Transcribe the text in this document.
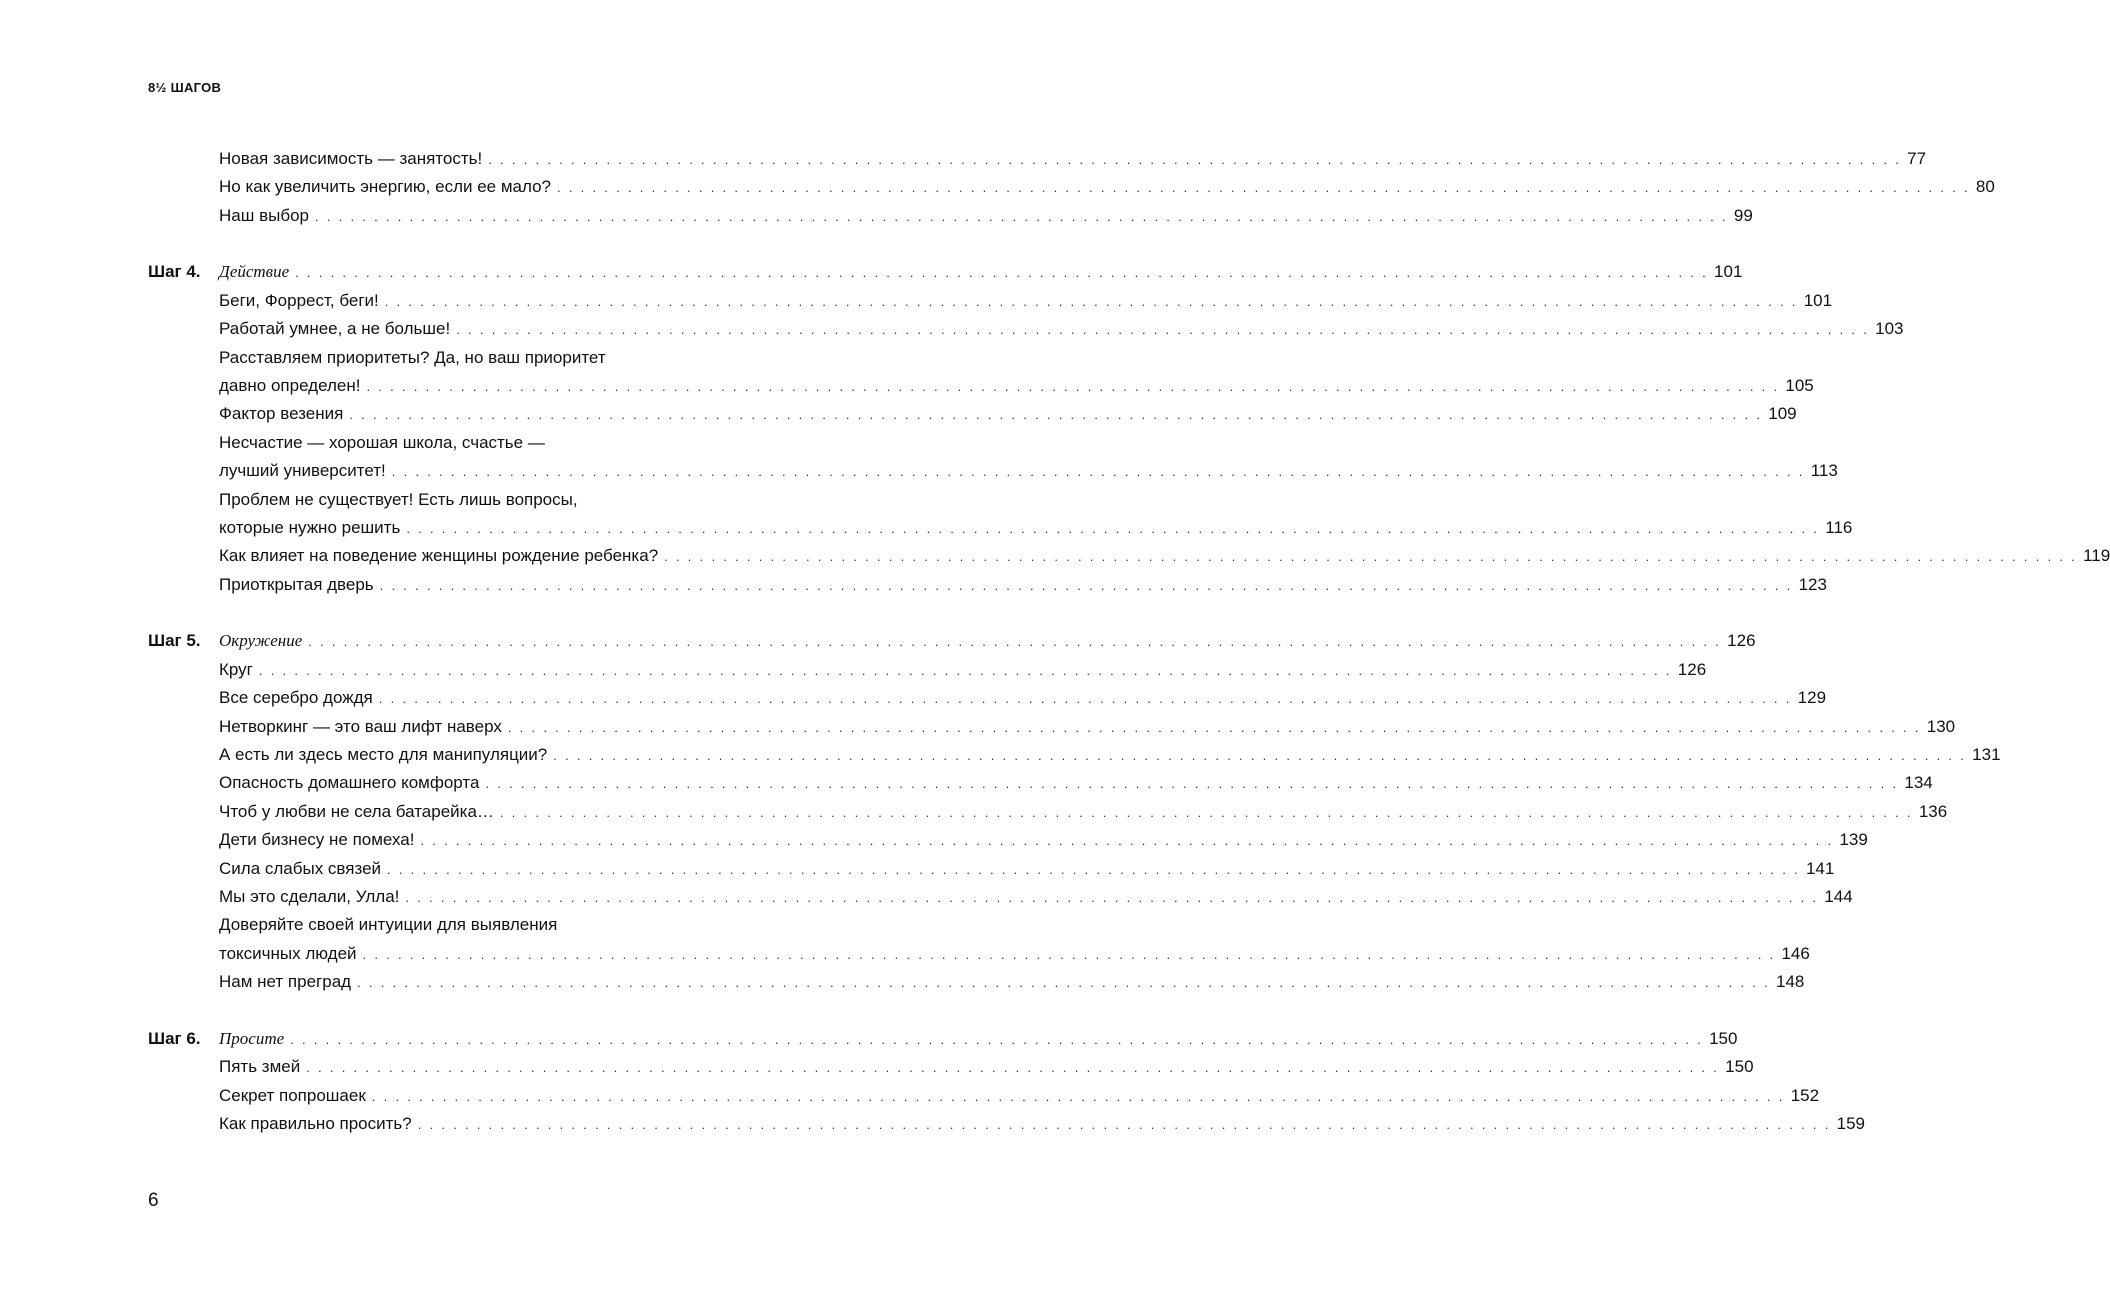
8½ ШАГОВ
Новая зависимость — занятость! . . . . . . . . . . . . . . . . . . . . . . . . . . . . . . . . . . . . . . . . . . . . . . . . . . . . . . . . . . . . . . . . . . . . . . . . . . . . . . . . . . . . . . . . . . . . . . . . . . . . . . . . . . . . . . . . . . . . . . . . 77
Но как увеличить энергию, если ее мало? . . . . . . . . . . . . . . . . . . . . . . . . . . . . . . . . . . . . . . . . . . . . . . . . . . . . . . . . . . . . . . . . . . . . . . . . . . . . . . . . . . . . . . . . . . . . . . . . . . . . . . . . . . . . . . . . . . . . . . . . 80
Наш выбор . . . . . . . . . . . . . . . . . . . . . . . . . . . . . . . . . . . . . . . . . . . . . . . . . . . . . . . . . . . . . . . . . . . . . . . . . . . . . . . . . . . . . . . . . . . . . . . . . . . . . . . . . . . . . . . . . . . . . . . . 99
Шаг 4. Действие . . . . . . . . . . . . . . . . . . . . . . . . . . . . . . . . . . . . . . . . . . . . . . . . . . . . . . . . . . . . . . . . . . . . . . . . . . . . . . . . . . . . . . . . . . . . . . . . . . . . . . . . . . . . . . . . . . . . . . . . 101
Беги, Форрест, беги! . . . . . . . . . . . . . . . . . . . . . . . . . . . . . . . . . . . . . . . . . . . . . . . . . . . . . . . . . . . . . . . . . . . . . . . . . . . . . . . . . . . . . . . . . . . . . . . . . . . . . . . . . . . . . . . . . . . . . . . . 101
Работай умнее, а не больше! . . . . . . . . . . . . . . . . . . . . . . . . . . . . . . . . . . . . . . . . . . . . . . . . . . . . . . . . . . . . . . . . . . . . . . . . . . . . . . . . . . . . . . . . . . . . . . . . . . . . . . . . . . . . . . . . . . . . . . . . 103
Расставляем приоритеты? Да, но ваш приоритет
давно определен! . . . . . . . . . . . . . . . . . . . . . . . . . . . . . . . . . . . . . . . . . . . . . . . . . . . . . . . . . . . . . . . . . . . . . . . . . . . . . . . . . . . . . . . . . . . . . . . . . . . . . . . . . . . . . . . . . . . . . . . . 105
Фактор везения . . . . . . . . . . . . . . . . . . . . . . . . . . . . . . . . . . . . . . . . . . . . . . . . . . . . . . . . . . . . . . . . . . . . . . . . . . . . . . . . . . . . . . . . . . . . . . . . . . . . . . . . . . . . . . . . . . . . . . . . 109
Несчастие — хорошая школа, счастье —
лучший университет! . . . . . . . . . . . . . . . . . . . . . . . . . . . . . . . . . . . . . . . . . . . . . . . . . . . . . . . . . . . . . . . . . . . . . . . . . . . . . . . . . . . . . . . . . . . . . . . . . . . . . . . . . . . . . . . . . . . . . . . . 113
Проблем не существует! Есть лишь вопросы,
которые нужно решить . . . . . . . . . . . . . . . . . . . . . . . . . . . . . . . . . . . . . . . . . . . . . . . . . . . . . . . . . . . . . . . . . . . . . . . . . . . . . . . . . . . . . . . . . . . . . . . . . . . . . . . . . . . . . . . . . . . . . . . . 116
Как влияет на поведение женщины рождение ребенка? . . . . . . . . . . . . . . . . . . . . . . . . . . . . . . . . . . . . . . . . . . . . . . . . . . . . . . . . . . . . . . . . . . . . . . . . . . . . . . . . . . . . . . . . . . . . . . . . . . . . . . . . . . . . . . . . . . . . . . . . 119
Приоткрытая дверь . . . . . . . . . . . . . . . . . . . . . . . . . . . . . . . . . . . . . . . . . . . . . . . . . . . . . . . . . . . . . . . . . . . . . . . . . . . . . . . . . . . . . . . . . . . . . . . . . . . . . . . . . . . . . . . . . . . . . . . . 123
Шаг 5. Окружение . . . . . . . . . . . . . . . . . . . . . . . . . . . . . . . . . . . . . . . . . . . . . . . . . . . . . . . . . . . . . . . . . . . . . . . . . . . . . . . . . . . . . . . . . . . . . . . . . . . . . . . . . . . . . . . . . . . . . . . . 126
Круг . . . . . . . . . . . . . . . . . . . . . . . . . . . . . . . . . . . . . . . . . . . . . . . . . . . . . . . . . . . . . . . . . . . . . . . . . . . . . . . . . . . . . . . . . . . . . . . . . . . . . . . . . . . . . . . . . . . . . . . . 126
Все серебро дождя . . . . . . . . . . . . . . . . . . . . . . . . . . . . . . . . . . . . . . . . . . . . . . . . . . . . . . . . . . . . . . . . . . . . . . . . . . . . . . . . . . . . . . . . . . . . . . . . . . . . . . . . . . . . . . . . . . . . . . . . 129
Нетворкинг — это ваш лифт наверх . . . . . . . . . . . . . . . . . . . . . . . . . . . . . . . . . . . . . . . . . . . . . . . . . . . . . . . . . . . . . . . . . . . . . . . . . . . . . . . . . . . . . . . . . . . . . . . . . . . . . . . . . . . . . . . . . . . . . . . . 130
А есть ли здесь место для манипуляции? . . . . . . . . . . . . . . . . . . . . . . . . . . . . . . . . . . . . . . . . . . . . . . . . . . . . . . . . . . . . . . . . . . . . . . . . . . . . . . . . . . . . . . . . . . . . . . . . . . . . . . . . . . . . . . . . . . . . . . . . 131
Опасность домашнего комфорта . . . . . . . . . . . . . . . . . . . . . . . . . . . . . . . . . . . . . . . . . . . . . . . . . . . . . . . . . . . . . . . . . . . . . . . . . . . . . . . . . . . . . . . . . . . . . . . . . . . . . . . . . . . . . . . . . . . . . . . . 134
Чтоб у любви не села батарейка… . . . . . . . . . . . . . . . . . . . . . . . . . . . . . . . . . . . . . . . . . . . . . . . . . . . . . . . . . . . . . . . . . . . . . . . . . . . . . . . . . . . . . . . . . . . . . . . . . . . . . . . . . . . . . . . . . . . . . . . . 136
Дети бизнесу не помеха! . . . . . . . . . . . . . . . . . . . . . . . . . . . . . . . . . . . . . . . . . . . . . . . . . . . . . . . . . . . . . . . . . . . . . . . . . . . . . . . . . . . . . . . . . . . . . . . . . . . . . . . . . . . . . . . . . . . . . . . . 139
Сила слабых связей . . . . . . . . . . . . . . . . . . . . . . . . . . . . . . . . . . . . . . . . . . . . . . . . . . . . . . . . . . . . . . . . . . . . . . . . . . . . . . . . . . . . . . . . . . . . . . . . . . . . . . . . . . . . . . . . . . . . . . . . 141
Мы это сделали, Улла! . . . . . . . . . . . . . . . . . . . . . . . . . . . . . . . . . . . . . . . . . . . . . . . . . . . . . . . . . . . . . . . . . . . . . . . . . . . . . . . . . . . . . . . . . . . . . . . . . . . . . . . . . . . . . . . . . . . . . . . . 144
Доверяйте своей интуиции для выявления
токсичных людей . . . . . . . . . . . . . . . . . . . . . . . . . . . . . . . . . . . . . . . . . . . . . . . . . . . . . . . . . . . . . . . . . . . . . . . . . . . . . . . . . . . . . . . . . . . . . . . . . . . . . . . . . . . . . . . . . . . . . . . . 146
Нам нет преград . . . . . . . . . . . . . . . . . . . . . . . . . . . . . . . . . . . . . . . . . . . . . . . . . . . . . . . . . . . . . . . . . . . . . . . . . . . . . . . . . . . . . . . . . . . . . . . . . . . . . . . . . . . . . . . . . . . . . . . . 148
Шаг 6. Просите . . . . . . . . . . . . . . . . . . . . . . . . . . . . . . . . . . . . . . . . . . . . . . . . . . . . . . . . . . . . . . . . . . . . . . . . . . . . . . . . . . . . . . . . . . . . . . . . . . . . . . . . . . . . . . . . . . . . . . . . 150
Пять змей . . . . . . . . . . . . . . . . . . . . . . . . . . . . . . . . . . . . . . . . . . . . . . . . . . . . . . . . . . . . . . . . . . . . . . . . . . . . . . . . . . . . . . . . . . . . . . . . . . . . . . . . . . . . . . . . . . . . . . . . 150
Секрет попрошаек . . . . . . . . . . . . . . . . . . . . . . . . . . . . . . . . . . . . . . . . . . . . . . . . . . . . . . . . . . . . . . . . . . . . . . . . . . . . . . . . . . . . . . . . . . . . . . . . . . . . . . . . . . . . . . . . . . . . . . . . 152
Как правильно просить? . . . . . . . . . . . . . . . . . . . . . . . . . . . . . . . . . . . . . . . . . . . . . . . . . . . . . . . . . . . . . . . . . . . . . . . . . . . . . . . . . . . . . . . . . . . . . . . . . . . . . . . . . . . . . . . . . . . . . . . . 159
6
